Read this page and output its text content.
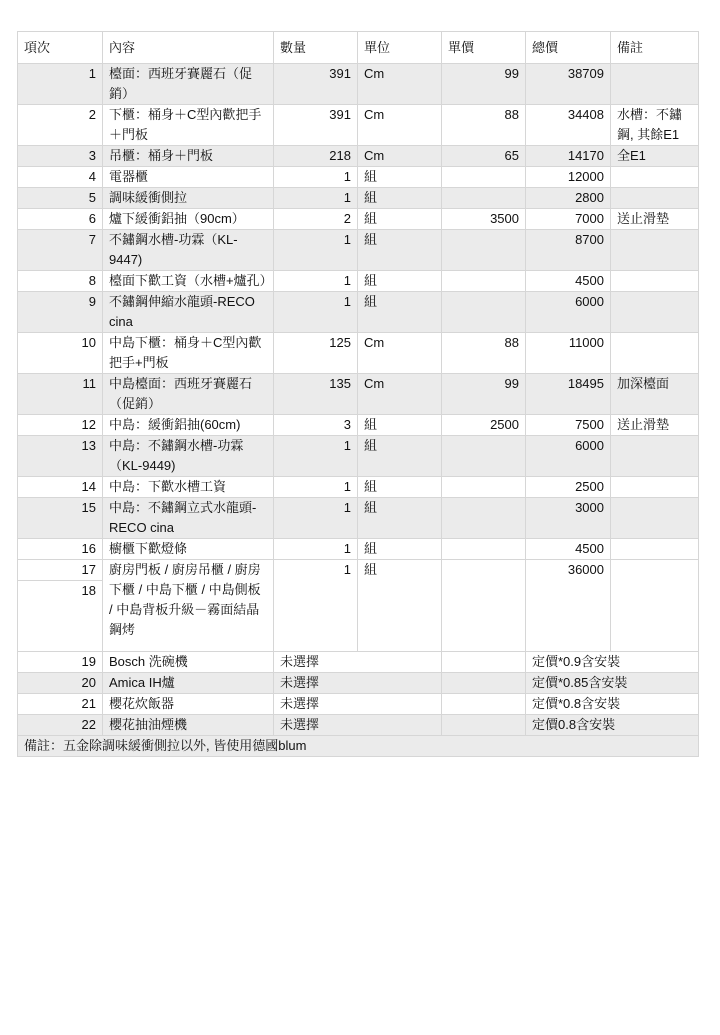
項次	內容	數量	單位	單價	總價	備註
1	檯面：西班牙賽麗石（促銷）	391	Cm	99	38709	
2	下櫃：桶身＋C型內歡把手＋門板	391	Cm	88	34408	水槽：不鏽鋼, 其餘E1
3	吊櫃：桶身＋門板	218	Cm	65	14170	全E1
4	電器櫃	1	組		12000	
5	調味緩衝側拉	1	組		2800	
6	爐下緩衝鋁抽（90cm）	2	組	3500	7000	送止滑墊
7	不鏽鋼水槽-功霖（KL-9447)	1	組		8700	
8	檯面下歡工資（水槽+爐孔）	1	組		4500	
9	不鏽鋼伸縮水龍頭-RECO cina	1	組		6000	
10	中島下櫃：桶身＋C型內歡把手+門板	125	Cm	88	11000	
11	中島檯面：西班牙賽麗石（促銷）	135	Cm	99	18495	加深檯面
12	中島：緩衝鋁抽(60cm)	3	組	2500	7500	送止滑墊
13	中島：不鏽鋼水槽-功霖（KL-9449)	1	組		6000	
14	中島：下歡水槽工資	1	組		2500	
15	中島：不鏽鋼立式水龍頭-RECO cina	1	組		3000	
16	櫥櫃下歡燈條	1	組		4500	
17	廚房門板 / 廚房吊櫃 / 廚房下櫃 / 中島下櫃 / 中島側板 / 中島背板升級－霧面結晶鋼烤	1	組		36000	
18						
19	Bosch 洗碗機	未選擇			定價*0.9含安裝	
20	Amica IH爐	未選擇			定價*0.85含安裝	
21	櫻花炊飯器	未選擇			定價*0.8含安裝	
22	櫻花抽油煙機	未選擇			定價0.8含安裝	
備註：五金除調味緩衝側拉以外, 皆使用德國blum						
